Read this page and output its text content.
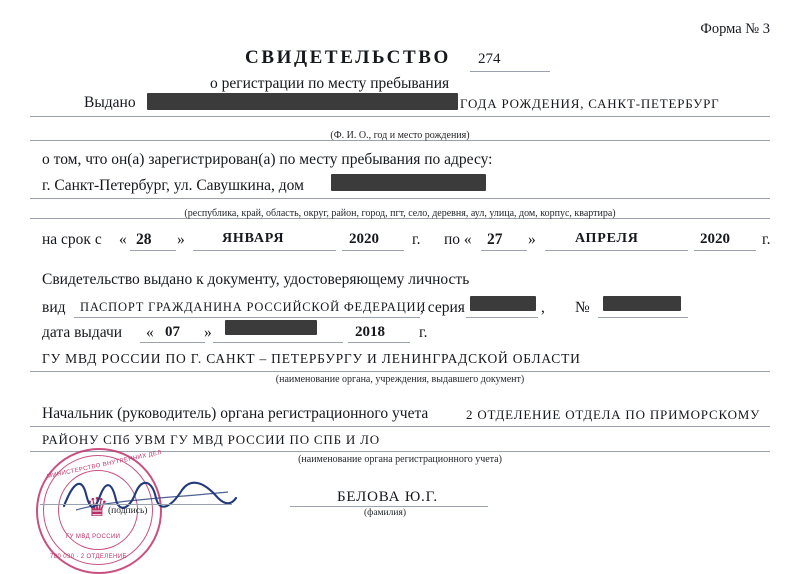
Форма № 3
СВИДЕТЕЛЬСТВО 274
о регистрации по месту пребывания
Выдано	ГОДА РОЖДЕНИЯ, САНКТ-ПЕТЕРБУРГ
(Ф. И. О., год и место рождения)
о том, что он(а) зарегистрирован(а) по месту пребывания по адресу:
г. Санкт-Петербург, ул. Савушкина, дом
(республика, край, область, округ, район, город, пгт, село, деревня, аул, улица, дом, корпус, квартира)
на срок с « 28 »	ЯНВАРЯ	2020 г. по « 27 »	АПРЕЛЯ	2020 г.
Свидетельство выдано к документу, удостоверяющему личность
вид ПАСПОРТ ГРАЖДАНИНА РОССИЙСКОЙ ФЕДЕРАЦИИ
, серия	, №
дата выдачи « 07 »	2018 г.
ГУ МВД РОССИИ ПО Г. САНКТ – ПЕТЕРБУРГУ И ЛЕНИНГРАДСКОЙ ОБЛАСТИ
(наименование органа, учреждения, выдавшего документ)
Начальник (руководитель) органа регистрационного учета	2 ОТДЕЛЕНИЕ ОТДЕЛА ПО ПРИМОРСКОМУ
РАЙОНУ СПб УВМ ГУ МВД РОССИИ ПО СПБ И ЛО
(наименование органа регистрационного учета)
♛
МИНИСТЕРСТВО ВНУТРЕННИХ ДЕЛ
ГУ МВД РОССИИ
780 030 ∙ 2 ОТДЕЛЕНИЕ
(подпись)
БЕЛОВА Ю.Г.
(фамилия)
